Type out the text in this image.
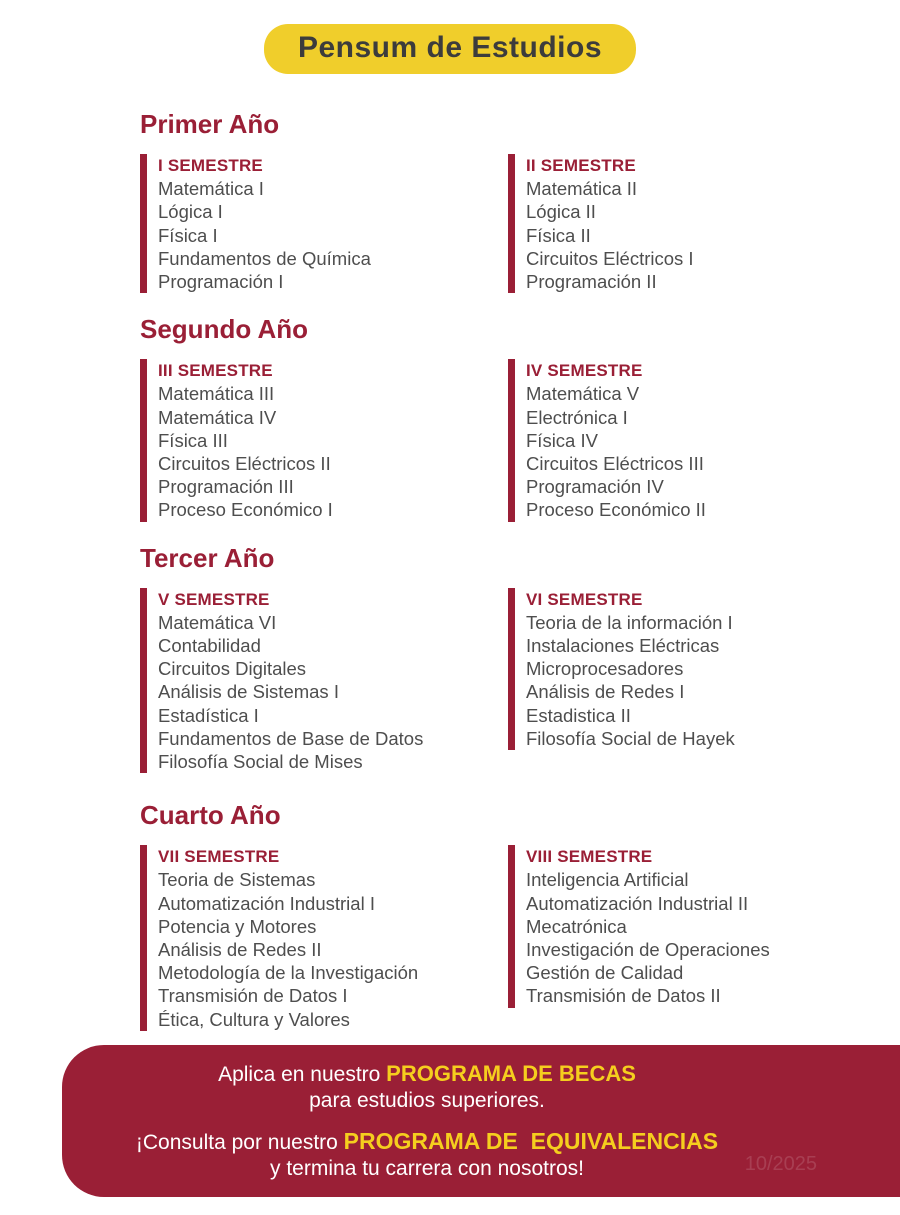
Pensum de Estudios
Primer Año
I SEMESTRE
Matemática I
Lógica I
Física I
Fundamentos de Química
Programación I
II SEMESTRE
Matemática II
Lógica II
Física II
Circuitos Eléctricos I
Programación II
Segundo Año
III SEMESTRE
Matemática III
Matemática IV
Física III
Circuitos Eléctricos II
Programación III
Proceso Económico I
IV SEMESTRE
Matemática V
Electrónica I
Física IV
Circuitos Eléctricos III
Programación IV
Proceso Económico II
Tercer Año
V SEMESTRE
Matemática VI
Contabilidad
Circuitos Digitales
Análisis de Sistemas I
Estadística I
Fundamentos de Base de Datos
Filosofía Social de Mises
VI SEMESTRE
Teoria de la información I
Instalaciones Eléctricas
Microprocesadores
Análisis de Redes I
Estadistica II
Filosofía Social de Hayek
Cuarto Año
VII SEMESTRE
Teoria de Sistemas
Automatización Industrial I
Potencia y Motores
Análisis de Redes II
Metodología de la Investigación
Transmisión de Datos I
Ética, Cultura y Valores
VIII SEMESTRE
Inteligencia Artificial
Automatización Industrial II
Mecatrónica
Investigación de Operaciones
Gestión de Calidad
Transmisión de Datos II
Aplica en nuestro PROGRAMA DE BECAS
para estudios superiores.
¡Consulta por nuestro PROGRAMA DE  EQUIVALENCIAS
y termina tu carrera con nosotros!	10/2025
